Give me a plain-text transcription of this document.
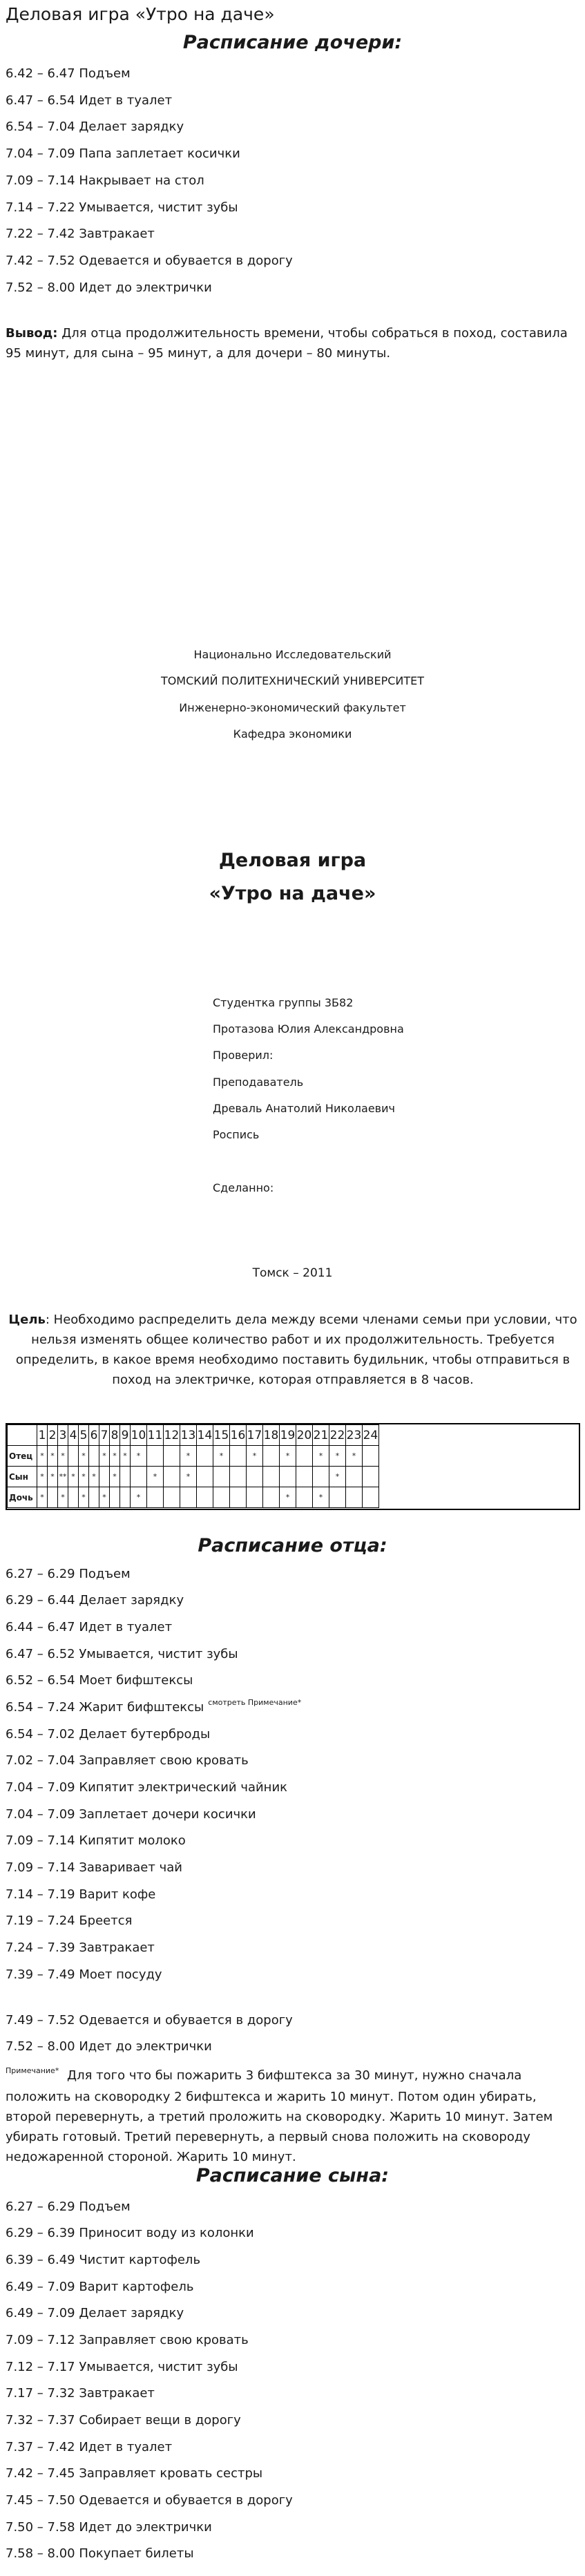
Деловая игра «Утро на даче»
Расписание дочери:
6.42 – 6.47 Подъем
6.47 – 6.54 Идет в туалет
6.54 – 7.04 Делает зарядку
7.04 – 7.09 Папа заплетает косички
7.09 – 7.14 Накрывает на стол
7.14 – 7.22 Умывается, чистит зубы
7.22 – 7.42 Завтракает
7.42 – 7.52 Одевается и обувается в дорогу
7.52 – 8.00 Идет до электрички
Вывод: Для отца продолжительность времени, чтобы собраться в поход, составила 95 минут, для сына – 95 минут, а для дочери – 80 минуты.
Национально Исследовательский
ТОМСКИЙ ПОЛИТЕХНИЧЕСКИЙ УНИВЕРСИТЕТ
Инженерно-экономический факультет
Кафедра экономики
Деловая игра
«Утро на даче»
Студентка группы 3Б82
Протазова Юлия Александровна
Проверил:
Преподаватель
Древаль Анатолий Николаевич
Роспись
Сделанно:
Томск – 2011
Цель: Необходимо распределить дела между всеми членами семьи при условии, что нельзя изменять общее количество работ и их продолжительность. Требуется определить, в какое время необходимо поставить будильник, чтобы отправиться в поход на электричке, которая отправляется в 8 часов.
	1	2	3	4	5	6	7	8	9	10	11	12	13	14	15	16	17	18	19	20	21	22	23	24
Отец	*	*	*		*		*	*	*	*			*		*		*		*		*	*	*	
Сын	*	*	**	*	*	*		*			*		*									*		
Дочь	*		*		*		*			*									*		*			
Расписание отца:
6.27 – 6.29 Подъем
6.29 – 6.44 Делает зарядку
6.44 – 6.47 Идет в туалет
6.47 – 6.52 Умывается, чистит зубы
6.52 – 6.54 Моет бифштексы
6.54 – 7.24 Жарит бифштексы $^{смотреть Примечание*}$
6.54 – 7.02 Делает бутерброды
7.02 – 7.04 Заправляет свою кровать
7.04 – 7.09 Кипятит электрический чайник
7.04 – 7.09 Заплетает дочери косички
7.09 – 7.14 Кипятит молоко
7.09 – 7.14 Заваривает чай
7.14 – 7.19 Варит кофе
7.19 – 7.24 Бреется
7.24 – 7.39 Завтракает
7.39 – 7.49 Моет посуду
7.49 – 7.52 Одевается и обувается в дорогу
7.52 – 8.00 Идет до электрички
$^{Примечание*}$ Для того что бы пожарить 3 бифштекса за 30 минут, нужно сначала положить на сковородку 2 бифштекса и жарить 10 минут. Потом один убирать, второй перевернуть, а третий проложить на сковородку. Жарить 10 минут. Затем убирать готовый. Третий перевернуть, а первый снова положить на сковороду недожаренной стороной. Жарить 10 минут.
Расписание сына:
6.27 – 6.29 Подъем
6.29 – 6.39 Приносит воду из колонки
6.39 – 6.49 Чистит картофель
6.49 – 7.09 Варит картофель
6.49 – 7.09 Делает зарядку
7.09 – 7.12 Заправляет свою кровать
7.12 – 7.17 Умывается, чистит зубы
7.17 – 7.32 Завтракает
7.32 – 7.37 Собирает вещи в дорогу
7.37 – 7.42 Идет в туалет
7.42 – 7.45 Заправляет кровать сестры
7.45 – 7.50 Одевается и обувается в дорогу
7.50 – 7.58 Идет до электрички
7.58 – 8.00 Покупает билеты
